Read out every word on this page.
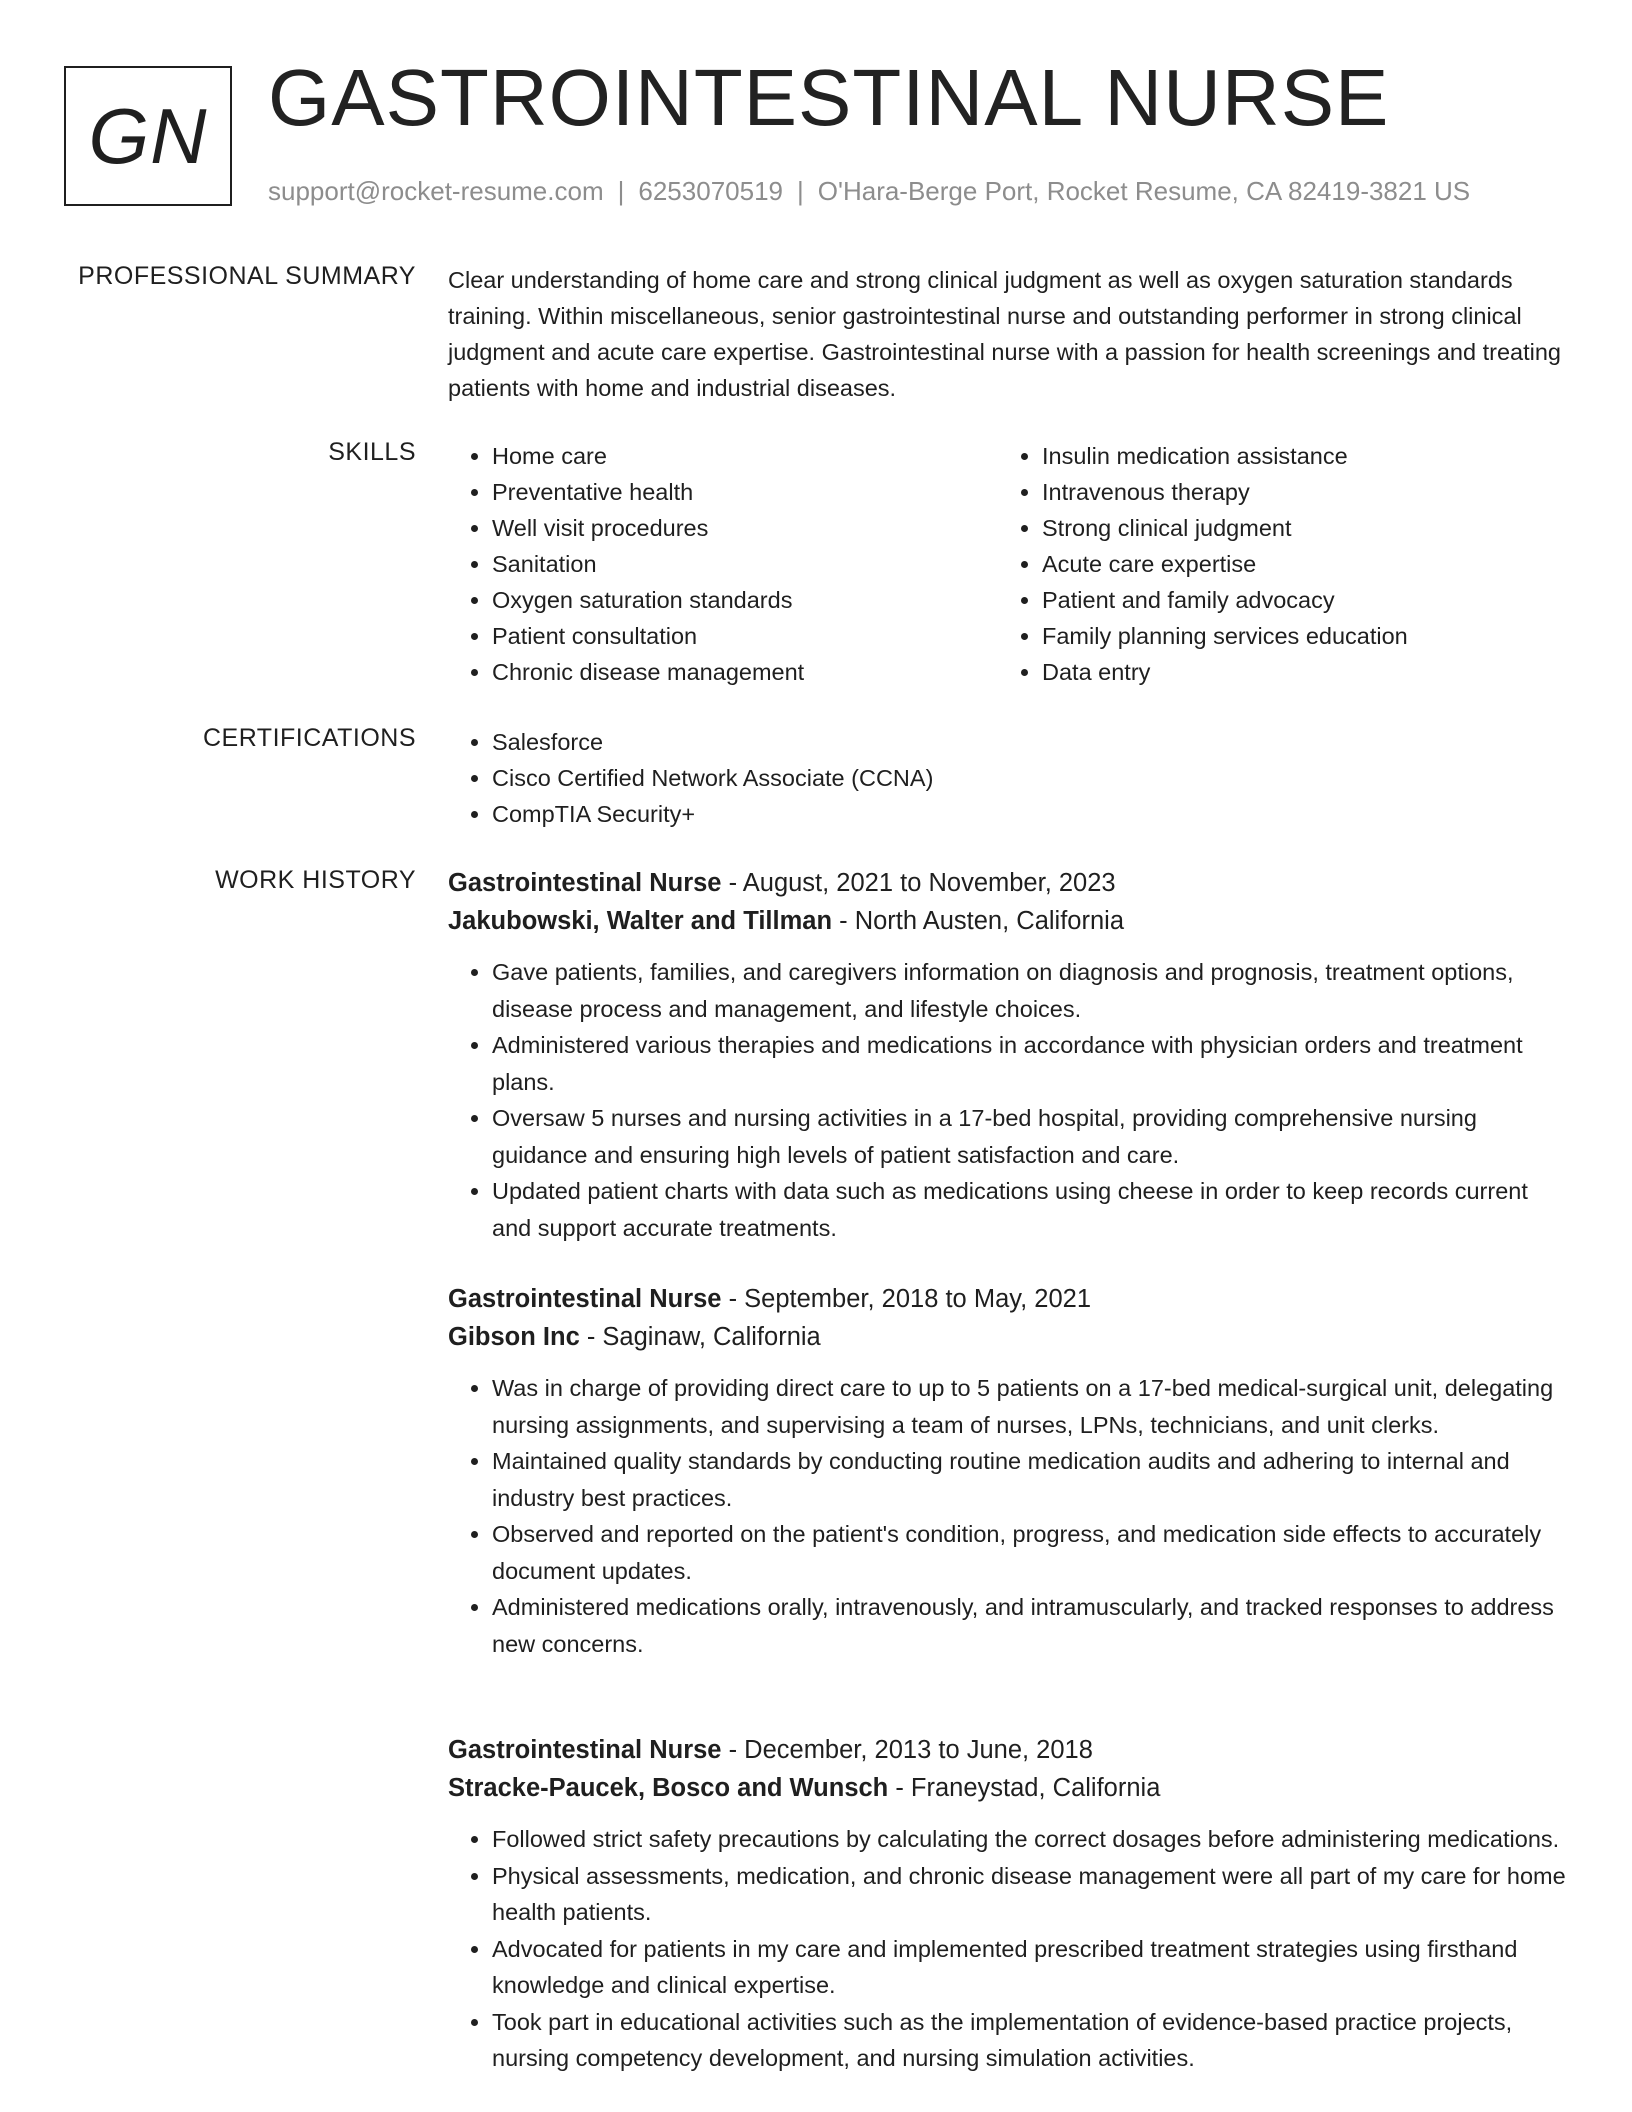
GN GASTROINTESTINAL NURSE
support@rocket-resume.com | 6253070519 | O'Hara-Berge Port, Rocket Resume, CA 82419-3821 US
PROFESSIONAL SUMMARY Clear understanding of home care and strong clinical judgment as well as oxygen saturation standards training. Within miscellaneous, senior gastrointestinal nurse and outstanding performer in strong clinical judgment and acute care expertise. Gastrointestinal nurse with a passion for health screenings and treating patients with home and industrial diseases.
SKILLS	• Home care
• Preventative health
• Well visit procedures
• Sanitation
• Oxygen saturation standards
• Patient consultation
• Chronic disease management
• Insulin medication assistance
• Intravenous therapy
• Strong clinical judgment
• Acute care expertise
• Patient and family advocacy
• Family planning services education
• Data entry
CERTIFICATIONS	• Salesforce
• Cisco Certified Network Associate (CCNA)
• CompTIA Security+
WORK HISTORY Gastrointestinal Nurse - August, 2021 to November, 2023
Jakubowski, Walter and Tillman - North Austen, California
• Gave patients, families, and caregivers information on diagnosis and prognosis, treatment options, disease process and management, and lifestyle choices.
• Administered various therapies and medications in accordance with physician orders and treatment plans.
• Oversaw 5 nurses and nursing activities in a 17-bed hospital, providing comprehensive nursing guidance and ensuring high levels of patient satisfaction and care.
• Updated patient charts with data such as medications using cheese in order to keep records current and support accurate treatments.
Gastrointestinal Nurse - September, 2018 to May, 2021
Gibson Inc - Saginaw, California
• Was in charge of providing direct care to up to 5 patients on a 17-bed medical-surgical unit, delegating nursing assignments, and supervising a team of nurses, LPNs, technicians, and unit clerks.
• Maintained quality standards by conducting routine medication audits and adhering to internal and industry best practices.
• Observed and reported on the patient's condition, progress, and medication side effects to accurately document updates.
• Administered medications orally, intravenously, and intramuscularly, and tracked responses to address new concerns.
Gastrointestinal Nurse - December, 2013 to June, 2018
Stracke-Paucek, Bosco and Wunsch - Franeystad, California
• Followed strict safety precautions by calculating the correct dosages before administering medications.
• Physical assessments, medication, and chronic disease management were all part of my care for home health patients.
• Advocated for patients in my care and implemented prescribed treatment strategies using firsthand knowledge and clinical expertise.
• Took part in educational activities such as the implementation of evidence-based practice projects, nursing competency development, and nursing simulation activities.
